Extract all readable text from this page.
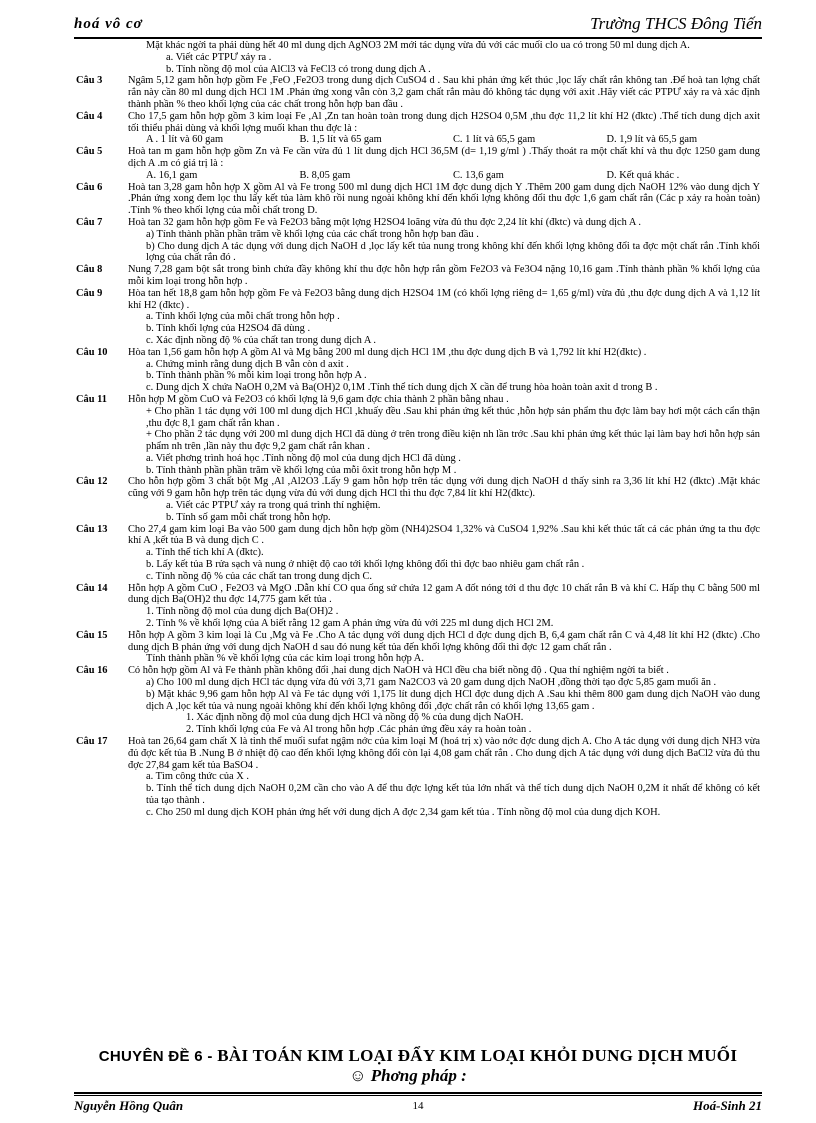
hoá vô cơ	Trường THCS Đông Tiến

Mặt khác ngời ta phải dùng hết 40 ml dung dịch AgNO3 2M mới tác dụng vừa đủ với các muối clo ua có trong 50 ml dung dịch A.

a. Viết các PTPƯ xảy ra .

b. Tính nồng độ mol của AlCl3 và FeCl3 có trong dung dịch A .

Câu 3 Ngâm 5,12 gam hỗn hợp gồm Fe ,FeO ,Fe2O3 trong dung dịch CuSO4 d . Sau khi phản ứng kết thúc ,lọc lấy chất rắn không tan .Để hoà tan lợng chất rắn này cần 80 ml dung dịch HCl 1M .Phản ứng xong vẫn còn 3,2 gam chất rắn màu đỏ không tác dụng với axit .Hãy viết các PTPƯ xảy ra và xác định thành phần % theo khối lợng của các chất trong hỗn hợp ban đầu .

Câu 4 Cho 17,5 gam hỗn hợp gồm 3 kim loại Fe ,Al ,Zn tan hoàn toàn trong dung dịch H2SO4 0,5M ,thu đợc 11,2 lít khí H2 (đktc) .Thể tích dung dịch axit tối thiểu phải dùng và khối lợng muối khan thu đợc là :

A . 1 lít và 60 gam	B. 1,5 lít và 65 gam	C. 1 lít và 65,5 gam	D. 1,9 lít và 65,5 gam

Câu 5 Hoà tan m gam hỗn hợp gồm Zn và Fe cần vừa đủ 1 lít dung dịch HCl 36,5M (d= 1,19 g/ml ) .Thấy thoát ra một chất khí và thu đợc 1250 gam dung dịch A .m có giá trị là :

A. 16,1 gam	B. 8,05 gam	C. 13,6 gam	D. Kết quả khác .

Câu 6 Hoà tan 3,28 gam hỗn hợp X gồm Al và Fe trong 500 ml dung dịch HCl 1M đợc dung dịch Y .Thêm 200 gam dung dịch NaOH 12% vào dung dịch Y .Phản ứng xong đem lọc thu lấy kết tủa làm khô rồi nung ngoài không khí đến khối lợng không đổi thu đợc 1,6 gam chất rắn (Các p xảy ra hoàn toàn) .Tính % theo khối lợng của mỗi chất trong D.

Câu 7 Hoà tan 32 gam hỗn hợp gồm Fe và Fe2O3 bằng một lợng H2SO4 loãng vừa đủ thu đợc 2,24 lít khí (đktc) và dung dịch A .

a) Tính thành phần phần trăm về khối lợng của các chất trong hỗn hợp ban đầu .

b) Cho dung dịch A tác dụng với dung dịch NaOH d ,lọc lấy kết tủa nung trong không khí đến khối lợng không đổi ta đợc một chất rắn .Tính khối lợng của chất rắn đó .

Câu 8 Nung 7,28 gam bột sắt trong bình chứa đầy không khí thu đợc hỗn hợp rắn gồm Fe2O3 và Fe3O4 nặng 10,16 gam .Tính thành phần % khối lợng của mỗi kim loại trong hỗn hợp .

Câu 9 Hòa tan hết 18,8 gam hỗn hợp gồm Fe và Fe2O3 bằng dung dịch H2SO4 1M (có khối lợng riêng d= 1,65 g/ml) vừa đủ ,thu đợc dung dịch A và 1,12 lít khí H2 (đktc) .

a. Tính khối lợng của mỗi chất trong hỗn hợp .

b. Tính khối lợng của H2SO4 đã dùng .

c. Xác định nồng độ % của chất tan trong dung dịch A .

Câu 10 Hòa tan 1,56 gam hỗn hợp A gồm Al và Mg bằng 200 ml dung dịch HCl 1M ,thu đợc dung dịch B và 1,792 lít khí H2(đktc) .

a. Chứng minh rằng dung dịch B vẫn còn d axit .

b. Tính thành phần % mỗi kim loại trong hỗn hợp A .

c. Dung dịch X chứa NaOH 0,2M và Ba(OH)2 0,1M .Tính thể tích dung dịch X cần để trung hòa hoàn toàn axit d trong B .

Câu 11 Hỗn hợp M gồm CuO và Fe2O3 có khối lợng là 9,6 gam đợc chia thành 2 phần bằng nhau .

+ Cho phần 1 tác dụng với 100 ml dung dịch HCl ,khuấy đều .Sau khi phản ứng kết thúc ,hỗn hợp sản phẩm thu đợc làm bay hơi một cách cẩn thận ,thu đợc 8,1 gam chất rắn khan .

+ Cho phần 2 tác dụng với 200 ml dung dịch HCl đã dùng ở trên trong điều kiện nh lần trớc .Sau khi phản ứng kết thúc lại làm bay hơi hỗn hợp sản phẩm nh trên ,lần này thu đợc 9,2 gam chất rắn khan .

a. Viết phơng trình hoá học .Tính nồng độ mol của dung dịch HCl đã dùng .

b. Tính thành phần phần trăm về khối lợng của mỗi ôxit trong hỗn hợp M .

Câu 12 Cho hỗn hợp gồm 3 chất bột Mg ,Al ,Al2O3 .Lấy 9 gam hỗn hợp trên tác dụng với dung dịch NaOH d thấy sinh ra 3,36 lít khí H2 (đktc) .Mặt khác cũng với 9 gam hỗn hợp trên tác dụng vừa đủ với dung dịch HCl thì thu đợc 7,84 lít khí H2(đktc).

a. Viết các PTPƯ xảy ra trong quá trình thí nghiệm.

b. Tính số gam mỗi chất trong hỗn hợp.

Câu 13 Cho 27,4 gam kim loại Ba vào 500 gam dung dịch hỗn hợp gồm (NH4)2SO4 1,32% và CuSO4 1,92% .Sau khi kết thúc tất cả các phản ứng ta thu đợc khí A ,kết tủa B và dung dịch C .

a. Tính thể tích khí A (đktc).

b. Lấy kết tủa B rửa sạch và nung ở nhiệt độ cao tới khối lợng không đổi thì đợc bao nhiêu gam chất rắn .

c. Tính nồng độ % của các chất tan trong dung dịch C.

Câu 14 Hỗn hợp A gồm CuO , Fe2O3 và MgO .Dẫn khí CO qua ống sứ chứa 12 gam A đốt nóng tới d thu đợc 10 chất rắn B và khí C. Hấp thụ C bằng 500 ml dung dịch Ba(OH)2 thu đợc 14,775 gam kết tủa .

1. Tính nồng độ mol của dung dịch Ba(OH)2 .

2. Tính % về khối lợng của A biết rằng 12 gam A phản ứng vừa đủ với 225 ml dung dịch HCl 2M.

Câu 15 Hỗn hợp A gồm 3 kim loại là Cu ,Mg và Fe .Cho A tác dụng với dung dịch HCl d đợc dung dịch B, 6,4 gam chất rắn C và 4,48 lít khí H2 (đktc) .Cho dung dịch B phản ứng với dung dịch NaOH d sau đó nung kết tủa đến khối lợng không đổi thì đợc 12 gam chất rắn .

Tính thành phần % về khối lợng của các kim loại trong hỗn hợp A.

Câu 16 Có hỗn hợp gồm Al và Fe thành phần không đổi ,hai dung dịch NaOH và HCl đều cha biết nồng độ . Qua thí nghiệm ngời ta biết .

a) Cho 100 ml dung dịch HCl tác dụng vừa đủ với 3,71 gam Na2CO3 và 20 gam dung dịch NaOH ,đồng thời tạo đợc 5,85 gam muối ăn .

b) Mặt khác 9,96 gam hỗn hợp Al và Fe tác dụng với 1,175 lít dung dịch HCl đợc dung dịch A .Sau khi thêm 800 gam dung dịch NaOH vào dung dịch A ,lọc kết tủa và nung ngoài không khí đến khối lợng không đổi ,đợc chất rắn có khối lợng 13,65 gam .

1. Xác định nồng độ mol của dung dịch HCl và nồng độ % của dung dịch NaOH.

2. Tính khối lợng của Fe và Al trong hỗn hợp .Các phản ứng đều xảy ra hoàn toàn .

Câu 17 Hoà tan 26,64 gam chất X là tinh thể muối sufat ngậm nớc của kim loại M (hoá trị x) vào nớc đợc dung dịch A. Cho A tác dụng với dung dịch NH3 vừa đủ đợc kết tủa B .Nung B ở nhiệt độ cao đến khối lợng không đổi còn lại 4,08 gam chất rắn . Cho dung dịch A tác dụng với dung dịch BaCl2 vừa đủ thu đợc 27,84 gam kết tủa BaSO4 .

a. Tìm công thức của X .

b. Tính thể tích dung dịch NaOH 0,2M cần cho vào A để thu đợc lợng kết tủa lớn nhất và thể tích dung dịch NaOH 0,2M ít nhất để không có kết tủa tạo thành .

c. Cho 250 ml dung dịch KOH phản ứng hết với dung dịch A đợc 2,34 gam kết tủa . Tính nồng độ mol của dung dịch KOH.

CHUYÊN ĐỀ 6 - BÀI TOÁN KIM LOẠI ĐẨY KIM LOẠI KHỎI DUNG DỊCH MUỐI
☺ Phơng pháp :
Nguyễn Hồng Quân	14	Hoá-Sinh 21
